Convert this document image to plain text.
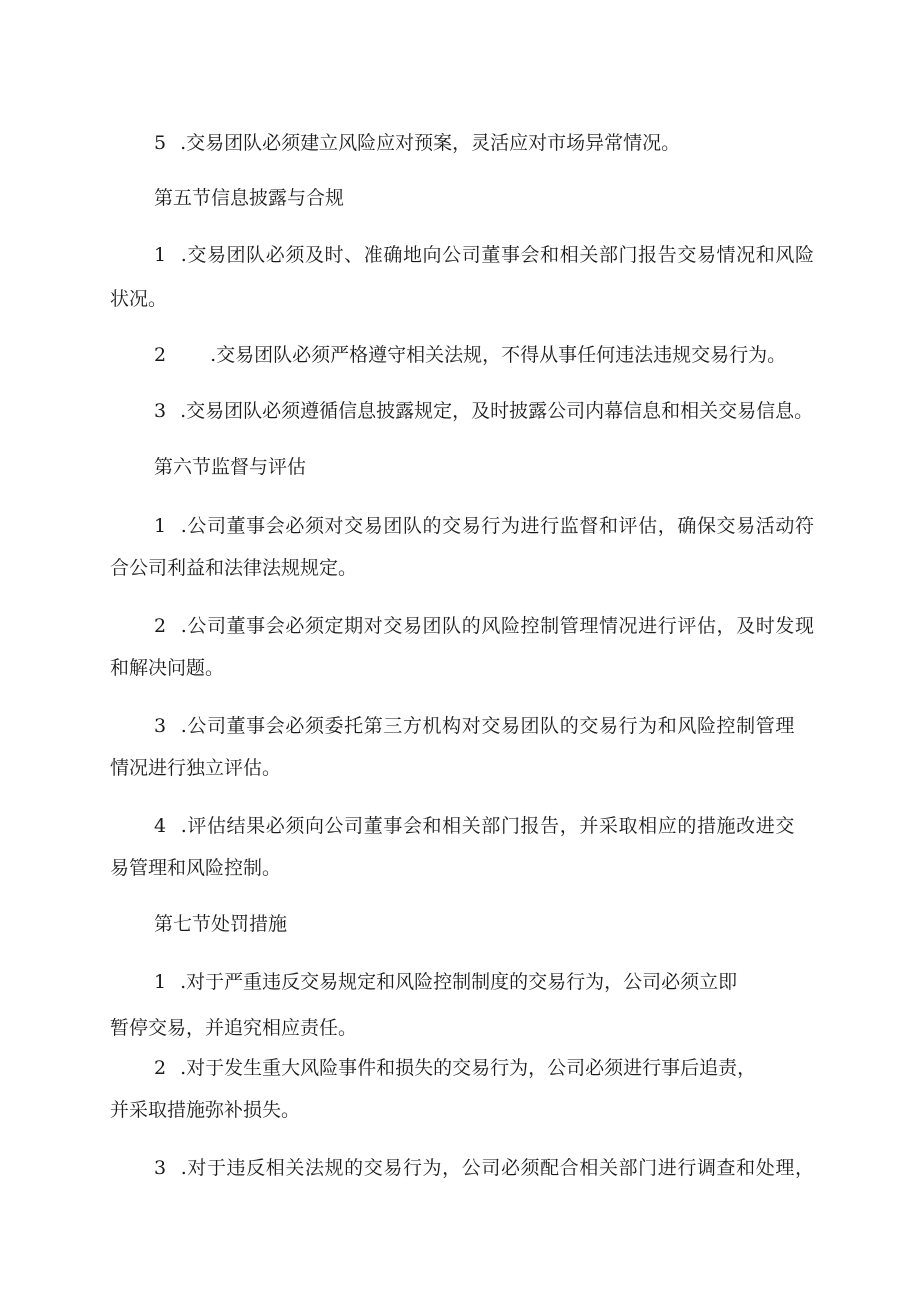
5 .交易团队必须建立风险应对预案，灵活应对市场异常情况。
第五节信息披露与合规
1 .交易团队必须及时、准确地向公司董事会和相关部门报告交易情况和风险
状况。
2 .交易团队必须严格遵守相关法规，不得从事任何违法违规交易行为。
3 .交易团队必须遵循信息披露规定，及时披露公司内幕信息和相关交易信息。
第六节监督与评估
1 .公司董事会必须对交易团队的交易行为进行监督和评估，确保交易活动符
合公司利益和法律法规规定。
2 .公司董事会必须定期对交易团队的风险控制管理情况进行评估，及时发现
和解决问题。
3 .公司董事会必须委托第三方机构对交易团队的交易行为和风险控制管理
情况进行独立评估。
4 .评估结果必须向公司董事会和相关部门报告，并采取相应的措施改进交
易管理和风险控制。
第七节处罚措施
1 .对于严重违反交易规定和风险控制制度的交易行为，公司必须立即
暂停交易，并追究相应责任。
2 .对于发生重大风险事件和损失的交易行为，公司必须进行事后追责，
并采取措施弥补损失。
3 .对于违反相关法规的交易行为，公司必须配合相关部门进行调查和处理，
